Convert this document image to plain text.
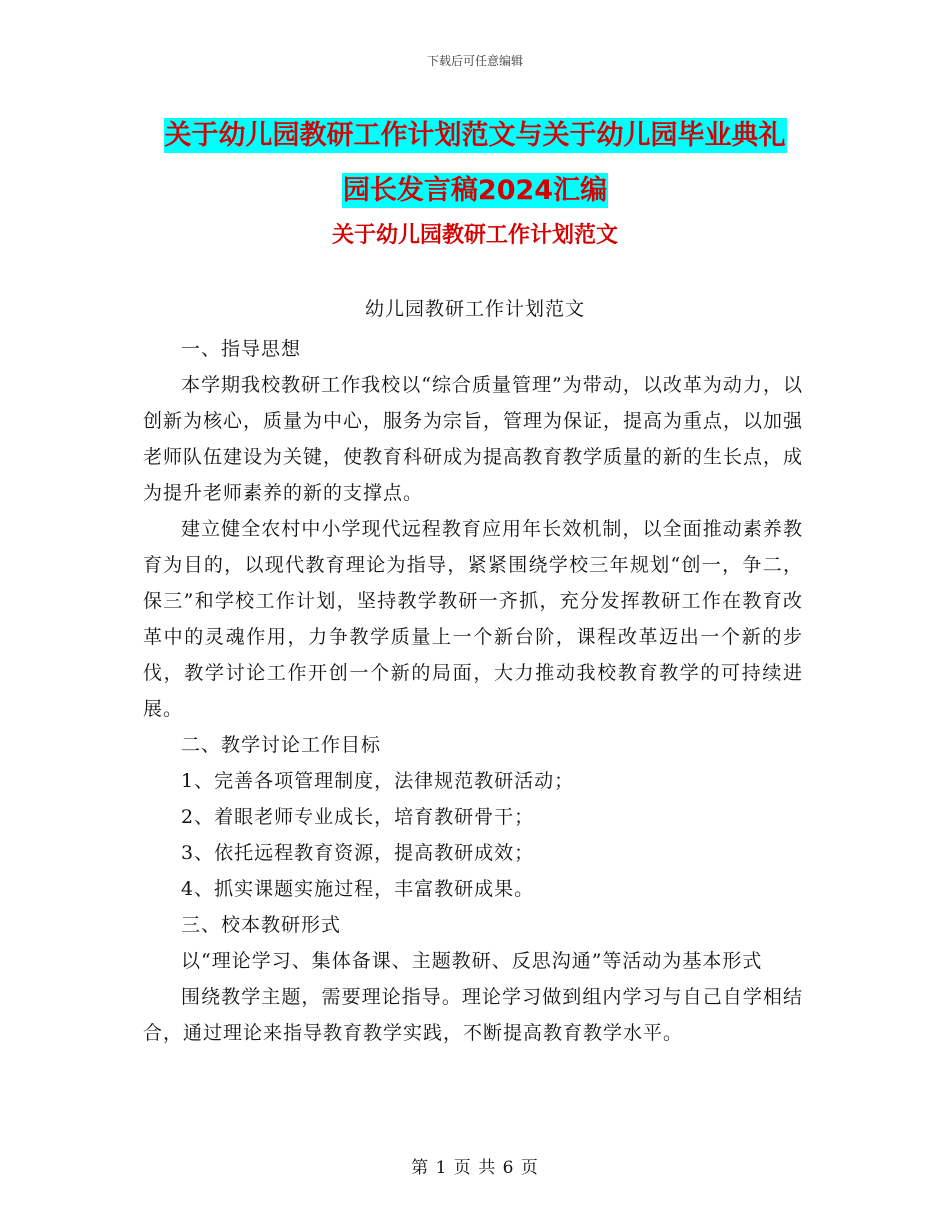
下载后可任意编辑
关于幼儿园教研工作计划范文与关于幼儿园毕业典礼
园长发言稿2024汇编
关于幼儿园教研工作计划范文
幼儿园教研工作计划范文

一、指导思想

本学期我校教研工作我校以“综合质量管理”为带动，以改革为动力，以创新为核心，质量为中心，服务为宗旨，管理为保证，提高为重点，以加强老师队伍建设为关键，使教育科研成为提高教育教学质量的新的生长点，成为提升老师素养的新的支撑点。

建立健全农村中小学现代远程教育应用年长效机制，以全面推动素养教育为目的，以现代教育理论为指导，紧紧围绕学校三年规划“创一，争二，保三”和学校工作计划，坚持教学教研一齐抓，充分发挥教研工作在教育改革中的灵魂作用，力争教学质量上一个新台阶，课程改革迈出一个新的步伐，教学讨论工作开创一个新的局面，大力推动我校教育教学的可持续进展。

二、教学讨论工作目标

1、完善各项管理制度，法律规范教研活动；

2、着眼老师专业成长，培育教研骨干；

3、依托远程教育资源，提高教研成效；

4、抓实课题实施过程，丰富教研成果。

三、校本教研形式

以“理论学习、集体备课、主题教研、反思沟通”等活动为基本形式

围绕教学主题，需要理论指导。理论学习做到组内学习与自己自学相结合，通过理论来指导教育教学实践，不断提高教育教学水平。

第 1 页 共 6 页
